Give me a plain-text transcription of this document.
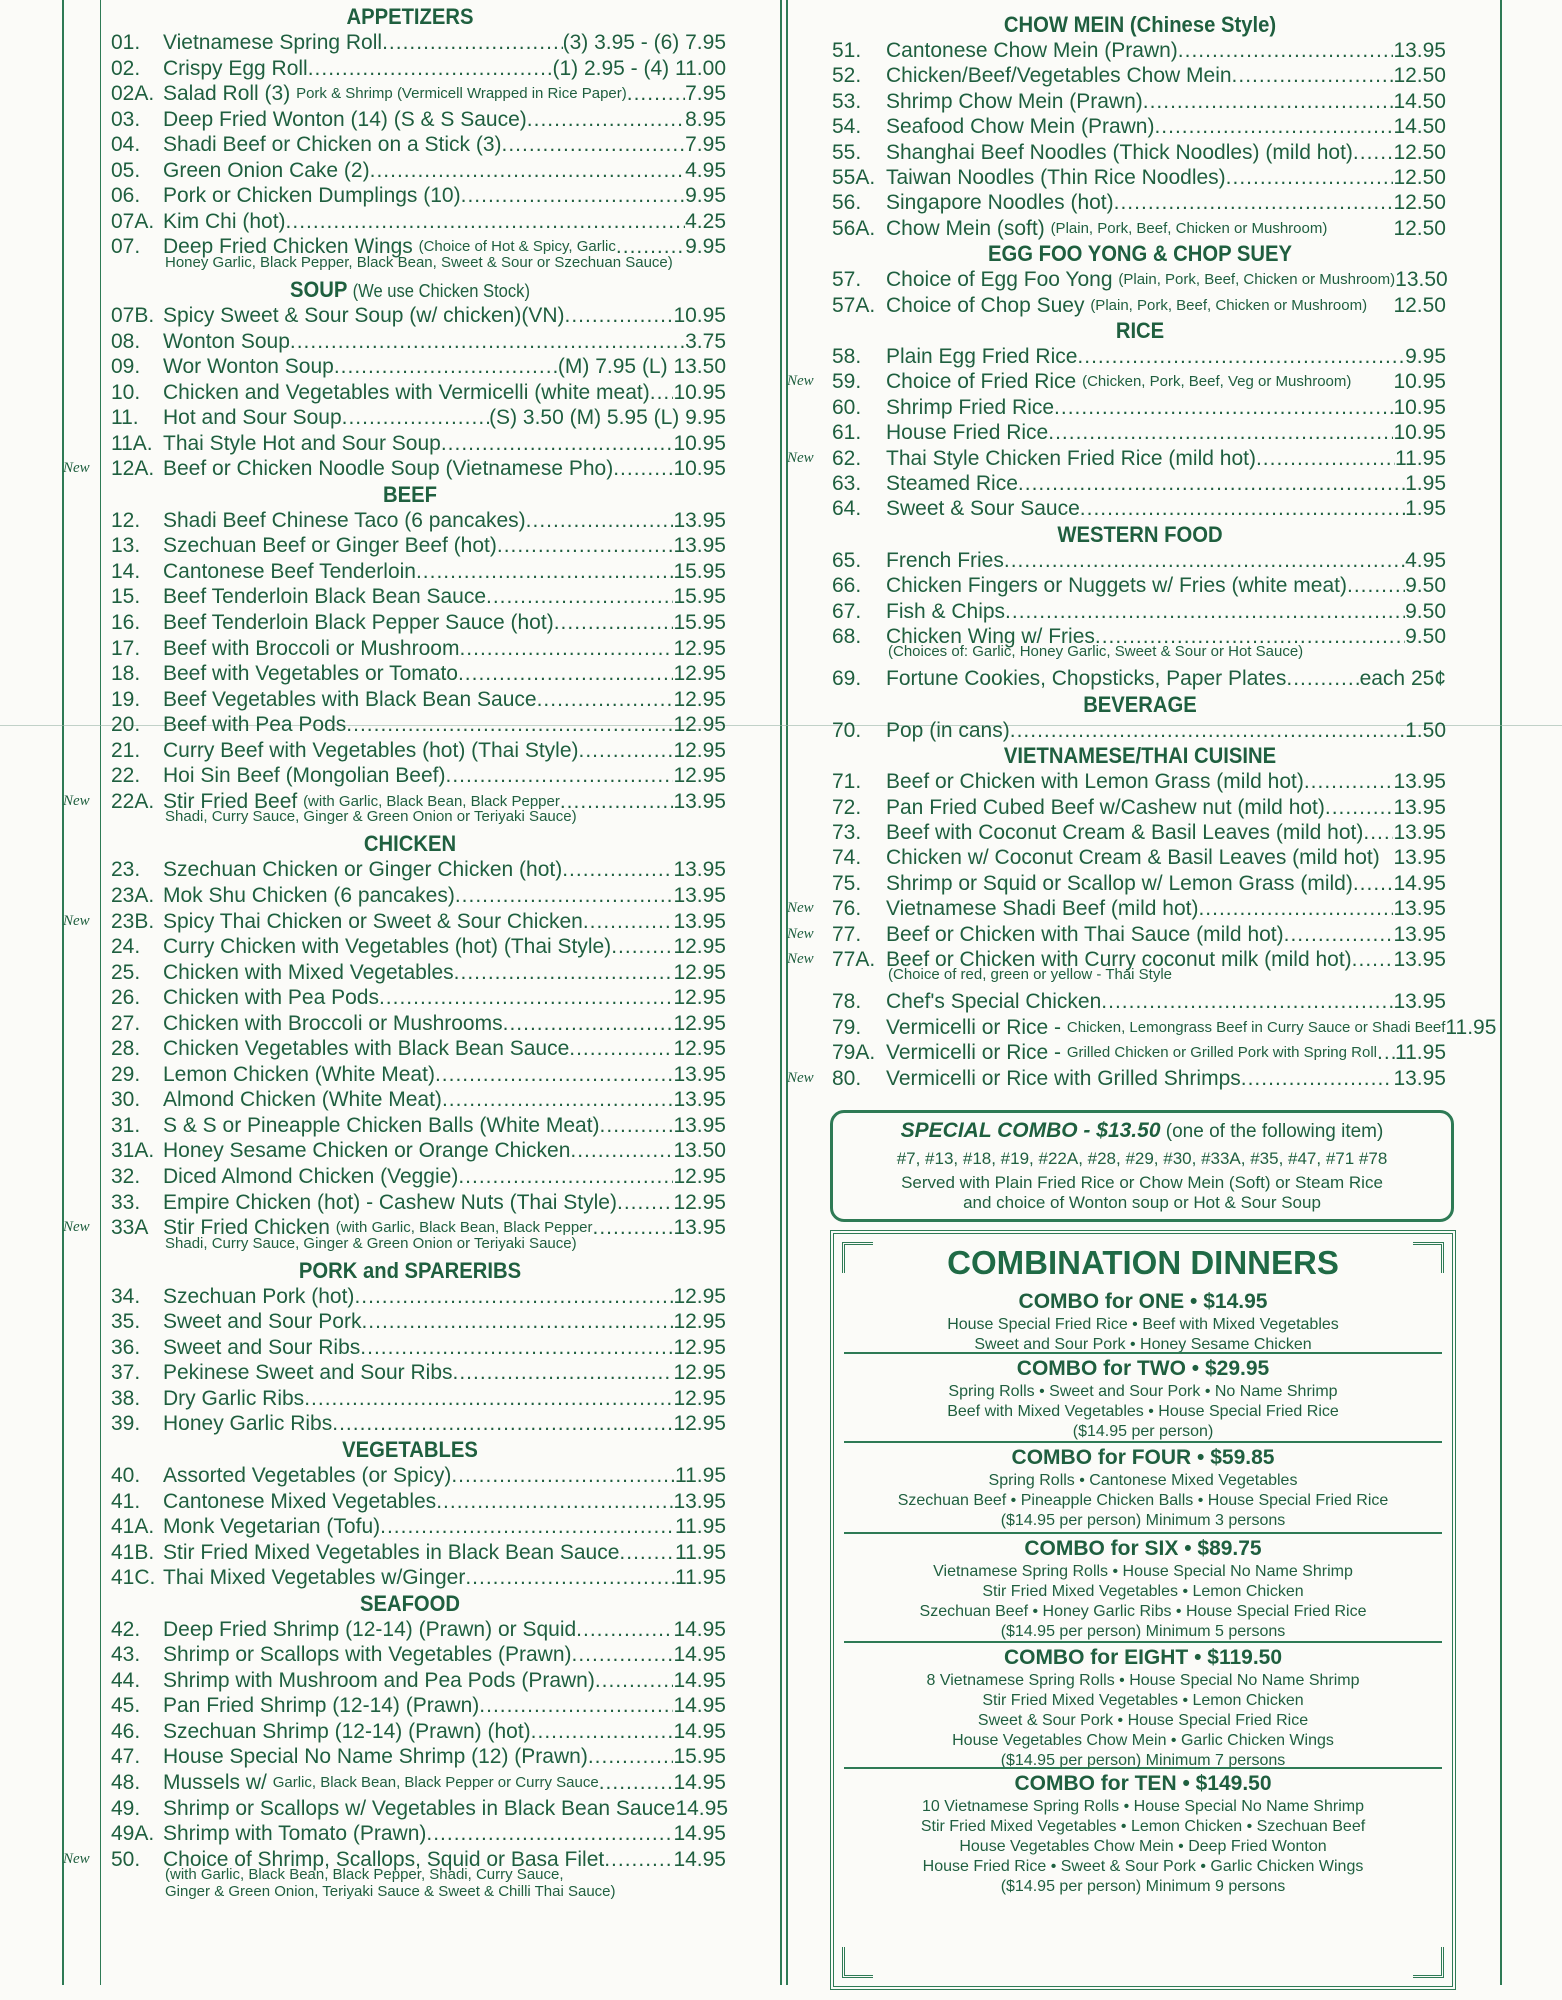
APPETIZERS
01. Vietnamese Spring Roll .....	(3) 3.95 - (6) 7.95
02. Crispy Egg Roll .....	(1) 2.95 - (4) 11.00
02A. Salad Roll (3)
Pork & Shrimp (Vermicell Wrapped in Rice Paper) .....	7.95
03. Deep Fried Wonton (14) (S & S Sauce) .....	8.95
04. Shadi Beef or Chicken on a Stick (3) .....	7.95
05. Green Onion Cake (2) .....	4.95
06. Pork or Chicken Dumplings (10) .....	9.95
07A. Kim Chi (hot) .....	4.25
07. Deep Fried Chicken Wings
(Choice of Hot & Spicy, Garlic .....	9.95
Honey Garlic, Black Pepper, Black Bean, Sweet & Sour or Szechuan Sauce)
SOUP (We use Chicken Stock)
07B. Spicy Sweet & Sour Soup (w/ chicken)(VN) .....	10.95
08. Wonton Soup .....	3.75
09. Wor Wonton Soup .....	(M) 7.95 (L) 13.50
10. Chicken and Vegetables with Vermicelli (white meat) ..... 10.95
11. Hot and Sour Soup .....	(S) 3.50 (M) 5.95 (L) 9.95
11A. Thai Style Hot and Sour Soup .....	10.95
12A. Beef or Chicken Noodle Soup (Vietnamese Pho) .....	10.95
New
BEEF
12. Shadi Beef Chinese Taco (6 pancakes) .....	13.95
13. Szechuan Beef or Ginger Beef (hot) .....	13.95
14. Cantonese Beef Tenderloin .....	15.95
15. Beef Tenderloin Black Bean Sauce .....	15.95
16. Beef Tenderloin Black Pepper Sauce (hot) .....	15.95
17. Beef with Broccoli or Mushroom .....	12.95
18. Beef with Vegetables or Tomato .....	12.95
19. Beef Vegetables with Black Bean Sauce .....	12.95
20. Beef with Pea Pods .....	12.95
21. Curry Beef with Vegetables (hot) (Thai Style) .....	12.95
22. Hoi Sin Beef (Mongolian Beef) .....	12.95
22A. Stir Fried Beef
(with Garlic, Black Bean, Black Pepper .....	13.95
New
Shadi, Curry Sauce, Ginger & Green Onion or Teriyaki Sauce)
CHICKEN
23. Szechuan Chicken or Ginger Chicken (hot) .....	13.95
23A. Mok Shu Chicken (6 pancakes) .....	13.95
23B. Spicy Thai Chicken or Sweet & Sour Chicken .....	13.95
New
24. Curry Chicken with Vegetables (hot) (Thai Style) .....	12.95
25. Chicken with Mixed Vegetables .....	12.95
26. Chicken with Pea Pods .....	12.95
27. Chicken with Broccoli or Mushrooms .....	12.95
28. Chicken Vegetables with Black Bean Sauce .....	12.95
29. Lemon Chicken (White Meat) .....	13.95
30. Almond Chicken (White Meat) .....	13.95
31. S & S or Pineapple Chicken Balls (White Meat) .....	13.95
31A. Honey Sesame Chicken or Orange Chicken .....	13.50
32. Diced Almond Chicken (Veggie) .....	12.95
33. Empire Chicken (hot) - Cashew Nuts (Thai Style) .....	12.95
33A Stir Fried Chicken
(with Garlic, Black Bean, Black Pepper .....	13.95
New
Shadi, Curry Sauce, Ginger & Green Onion or Teriyaki Sauce)
PORK and SPARERIBS
34. Szechuan Pork (hot) .....	12.95
35. Sweet and Sour Pork .....	12.95
36. Sweet and Sour Ribs .....	12.95
37. Pekinese Sweet and Sour Ribs .....	12.95
38. Dry Garlic Ribs .....	12.95
39. Honey Garlic Ribs .....	12.95
VEGETABLES
40. Assorted Vegetables (or Spicy) .....	11.95
41. Cantonese Mixed Vegetables .....	13.95
41A. Monk Vegetarian (Tofu) .....	11.95
41B. Stir Fried Mixed Vegetables in Black Bean Sauce .....	11.95
41C. Thai Mixed Vegetables w/Ginger .....	11.95
SEAFOOD
42. Deep Fried Shrimp (12-14) (Prawn) or Squid .....	14.95
43. Shrimp or Scallops with Vegetables (Prawn) .....	14.95
44. Shrimp with Mushroom and Pea Pods (Prawn) .....	14.95
45. Pan Fried Shrimp (12-14) (Prawn) .....	14.95
46. Szechuan Shrimp (12-14) (Prawn) (hot) .....	14.95
47. House Special No Name Shrimp (12) (Prawn) .....	15.95
48. Mussels w/
Garlic, Black Bean, Black Pepper or Curry Sauce .....	14.95
49. Shrimp or Scallops w/ Vegetables in Black Bean Sauce 14.95
49A. Shrimp with Tomato (Prawn) .....	14.95
50. Choice of Shrimp, Scallops, Squid or Basa Filet .....	14.95
New
(with Garlic, Black Bean, Black Pepper, Shadi, Curry Sauce,
Ginger & Green Onion, Teriyaki Sauce & Sweet & Chilli Thai Sauce)
CHOW MEIN (Chinese Style)
51. Cantonese Chow Mein (Prawn) .....	13.95
52. Chicken/Beef/Vegetables Chow Mein .....	12.50
53. Shrimp Chow Mein (Prawn) .....	14.50
54. Seafood Chow Mein (Prawn) .....	14.50
55. Shanghai Beef Noodles (Thick Noodles) (mild hot) ..... 12.50
55A. Taiwan Noodles (Thin Rice Noodles) .....	12.50
56. Singapore Noodles (hot) .....	12.50
56A. Chow Mein (soft)
(Plain, Pork, Beef, Chicken or Mushroom)	12.50
EGG FOO YONG & CHOP SUEY
57. Choice of Egg Foo Yong
(Plain, Pork, Beef, Chicken or Mushroom) 13.50
57A. Choice of Chop Suey
(Plain, Pork, Beef, Chicken or Mushroom) 12.50
RICE
58. Plain Egg Fried Rice .....	9.95
59. Choice of Fried Rice
(Chicken, Pork, Beef, Veg or Mushroom) 10.95
New
60. Shrimp Fried Rice .....	10.95
61. House Fried Rice .....	10.95
62. Thai Style Chicken Fried Rice (mild hot) .....	11.95
New
63. Steamed Rice .....	1.95
64. Sweet & Sour Sauce .....	1.95
WESTERN FOOD
65. French Fries .....	4.95
66. Chicken Fingers or Nuggets w/ Fries (white meat) .....	9.50
67. Fish & Chips .....	9.50
68. Chicken Wing w/ Fries .....	9.50
(Choices of: Garlic, Honey Garlic, Sweet & Sour or Hot Sauce)
69. Fortune Cookies, Chopsticks, Paper Plates .....	each 25¢
BEVERAGE
70. Pop (in cans) .....	1.50
VIETNAMESE/THAI CUISINE
71. Beef or Chicken with Lemon Grass (mild hot) .....	13.95
72. Pan Fried Cubed Beef w/Cashew nut (mild hot) .....	13.95
73. Beef with Coconut Cream & Basil Leaves (mild hot) ..... 13.95
74. Chicken w/ Coconut Cream & Basil Leaves (mild hot) 13.95
75. Shrimp or Squid or Scallop w/ Lemon Grass (mild) ..... 14.95
76. Vietnamese Shadi Beef (mild hot) .....	13.95
New
77. Beef or Chicken with Thai Sauce (mild hot) .....	13.95
New
77A. Beef or Chicken with Curry coconut milk (mild hot) ..... 13.95
New
(Choice of red, green or yellow - Thai Style
78. Chef's Special Chicken .....	13.95
79. Vermicelli or Rice -
Chicken, Lemongrass Beef in Curry Sauce or Shadi Beef 11.95
79A. Vermicelli or Rice -
Grilled Chicken or Grilled Pork with Spring Roll ..... 11.95
80. Vermicelli or Rice with Grilled Shrimps .....	13.95
New
SPECIAL COMBO - $13.50 (one of the following item)
#7, #13, #18, #19, #22A, #28, #29, #30, #33A, #35, #47, #71 #78
Served with Plain Fried Rice or Chow Mein (Soft) or Steam Rice
and choice of Wonton soup or Hot & Sour Soup
COMBINATION DINNERS
COMBO for ONE • $14.95
House Special Fried Rice • Beef with Mixed Vegetables
Sweet and Sour Pork • Honey Sesame Chicken
COMBO for TWO • $29.95
Spring Rolls • Sweet and Sour Pork • No Name Shrimp
Beef with Mixed Vegetables • House Special Fried Rice
($14.95 per person)
COMBO for FOUR • $59.85
Spring Rolls • Cantonese Mixed Vegetables
Szechuan Beef • Pineapple Chicken Balls • House Special Fried Rice
($14.95 per person) Minimum 3 persons
COMBO for SIX • $89.75
Vietnamese Spring Rolls • House Special No Name Shrimp
Stir Fried Mixed Vegetables • Lemon Chicken
Szechuan Beef • Honey Garlic Ribs • House Special Fried Rice
($14.95 per person) Minimum 5 persons
COMBO for EIGHT • $119.50
8 Vietnamese Spring Rolls • House Special No Name Shrimp
Stir Fried Mixed Vegetables • Lemon Chicken
Sweet & Sour Pork • House Special Fried Rice
House Vegetables Chow Mein • Garlic Chicken Wings
($14.95 per person) Minimum 7 persons
COMBO for TEN • $149.50
10 Vietnamese Spring Rolls • House Special No Name Shrimp
Stir Fried Mixed Vegetables • Lemon Chicken • Szechuan Beef
House Vegetables Chow Mein • Deep Fried Wonton
House Fried Rice • Sweet & Sour Pork • Garlic Chicken Wings
($14.95 per person) Minimum 9 persons
